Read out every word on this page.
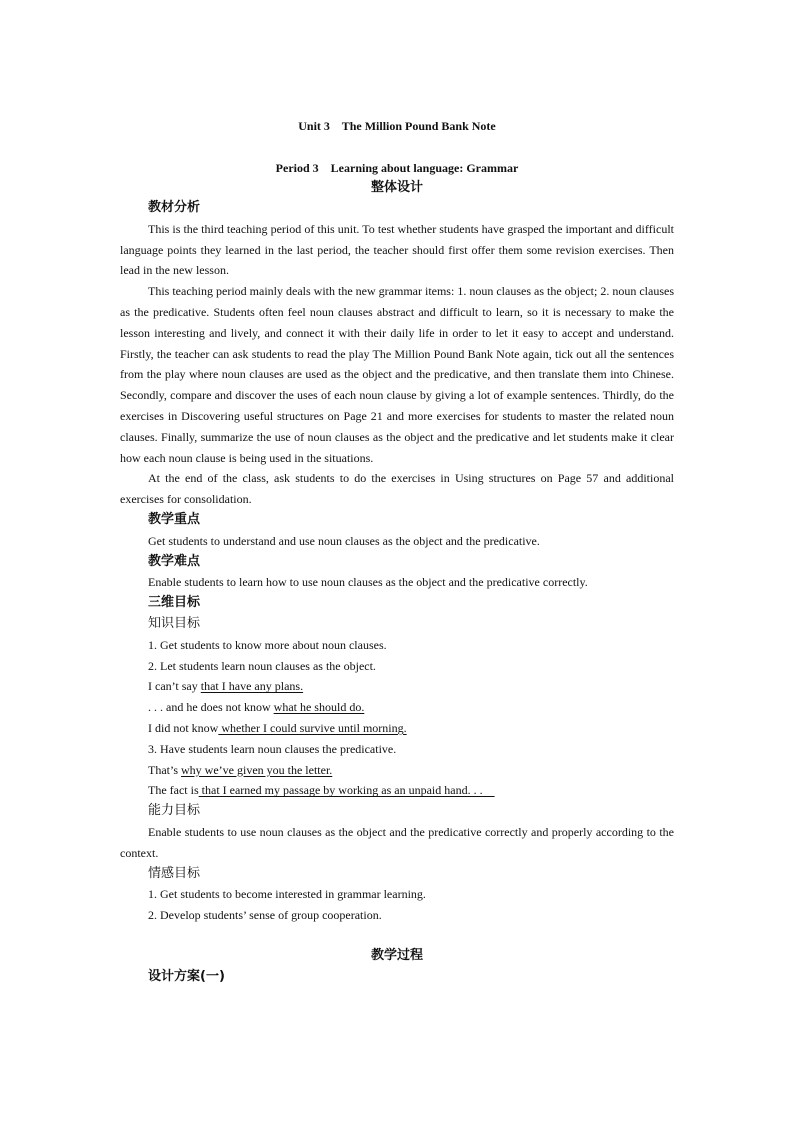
Unit 3    The Million Pound Bank Note
Period 3    Learning about language: Grammar
整体设计
教材分析

This is the third teaching period of this unit. To test whether students have grasped the important and difficult language points they learned in the last period, the teacher should first offer them some revision exercises. Then lead in the new lesson.

This teaching period mainly deals with the new grammar items: 1. noun clauses as the object; 2. noun clauses as the predicative. Students often feel noun clauses abstract and difficult to learn, so it is necessary to make the lesson interesting and lively, and connect it with their daily life in order to let it easy to accept and understand. Firstly, the teacher can ask students to read the play The Million Pound Bank Note again, tick out all the sentences from the play where noun clauses are used as the object and the predicative, and then translate them into Chinese. Secondly, compare and discover the uses of each noun clause by giving a lot of example sentences. Thirdly, do the exercises in Discovering useful structures on Page 21 and more exercises for students to master the related noun clauses. Finally, summarize the use of noun clauses as the object and the predicative and let students make it clear how each noun clause is being used in the situations.

At the end of the class, ask students to do the exercises in Using structures on Page 57 and additional exercises for consolidation.

教学重点
Get students to understand and use noun clauses as the object and the predicative.
教学难点
Enable students to learn how to use noun clauses as the object and the predicative correctly.
三维目标
知识目标
1. Get students to know more about noun clauses.
2. Let students learn noun clauses as the object.
I can’t say that I have any plans.
. . . and he does not know what he should do.
I did not know whether I could survive until morning.
3. Have students learn noun clauses the predicative.
That’s why we’ve given you the letter.
The fact is that I earned my passage by working as an unpaid hand. . .
能力目标

Enable students to use noun clauses as the object and the predicative correctly and properly according to the context.

情感目标
1. Get students to become interested in grammar learning.
2. Develop students’ sense of group cooperation.
教学过程
设计方案(一)
